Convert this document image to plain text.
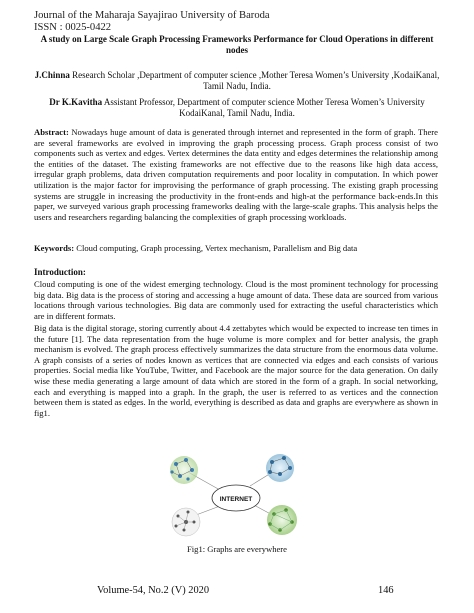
Journal of the Maharaja Sayajirao University of Baroda
ISSN : 0025-0422
A study on Large Scale Graph Processing Frameworks Performance for Cloud Operations in different nodes
J.Chinna Research Scholar ,Department of computer science ,Mother Teresa Women’s University ,KodaiKanal, Tamil Nadu, India.
Dr K.Kavitha Assistant Professor, Department of computer science Mother Teresa Women’s University KodaiKanal, Tamil Nadu, India.
Abstract: Nowadays huge amount of data is generated through internet and represented in the form of graph. There are several frameworks are evolved in improving the graph processing process. Graph process consist of two components such as vertex and edges. Vertex determines the data entity and edges determines the relationship among the entities of the dataset. The existing frameworks are not effective due to the reasons like high data access, irregular graph problems, data driven computation requirements and poor locality in computation. In which power utilization is the major factor for improvising the performance of graph processing. The existing graph processing systems are struggle in increasing the productivity in the front-ends and high-at the performance back-ends.In this paper, we surveyed various graph processing frameworks dealing with the large-scale graphs. This analysis helps the users and researchers regarding balancing the complexities of graph processing workloads.
Keywords: Cloud computing, Graph processing, Vertex mechanism, Parallelism and Big data
Introduction:
Cloud computing is one of the widest emerging technology. Cloud is the most prominent technology for processing big data. Big data is the process of storing and accessing a huge amount of data. These data are sourced from various locations through various technologies. Big data are commonly used for extracting the useful characteristics which are in different formats.
Big data is the digital storage, storing currently about 4.4 zettabytes which would be expected to increase ten times in the future [1]. The data representation from the huge volume is more complex and for better analysis, the graph mechanism is evolved. The graph process effectively summarizes the data structure from the enormous data volume. A graph consists of a series of nodes known as vertices that are connected via edges and each consists of various properties. Social media like YouTube, Twitter, and Facebook are the major source for the data generation. On daily wise these media generating a large amount of data which are stored in the form of a graph. In social networking, each and everything is mapped into a graph. In the graph, the user is referred to as vertices and the connection between them is stated as edges. In the world, everything is described as data and graphs are everywhere as shown in fig1.
INTERNET
Fig1: Graphs are everywhere
Volume-54, No.2 (V) 2020	146
